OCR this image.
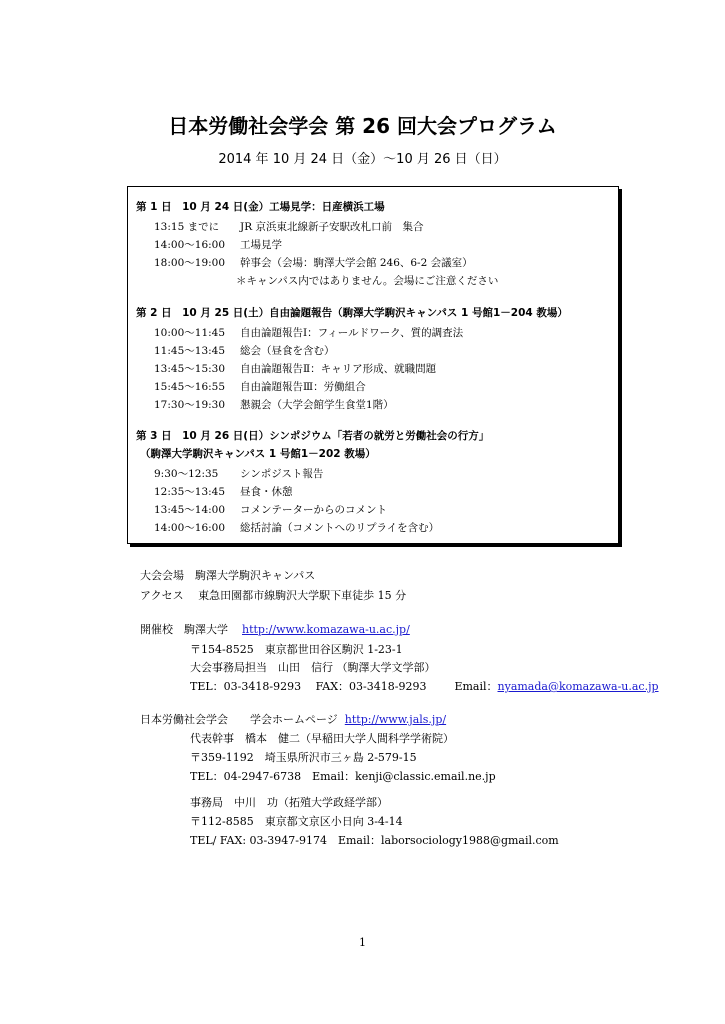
日本労働社会学会 第 26 回大会プログラム
2014 年 10 月 24 日（金）〜10 月 26 日（日）
第 1 日　10 月 24 日(金）工場見学：日産横浜工場
13:15 までに JR 京浜東北線新子安駅改札口前　集合
14:00〜16:00 工場見学
18:00〜19:00 幹事会（会場：駒澤大学会館 246、6-2 会議室）
＊キャンパス内ではありません。会場にご注意ください
第 2 日　10 月 25 日(土）自由論題報告（駒澤大学駒沢キャンパス 1 号館1－204 教場）
10:00〜11:45 自由論題報告Ⅰ：フィールドワーク、質的調査法
11:45〜13:45 総会（昼食を含む）
13:45〜15:30 自由論題報告Ⅱ：キャリア形成、就職問題
15:45〜16:55 自由論題報告Ⅲ：労働組合
17:30〜19:30 懇親会（大学会館学生食堂1階）
第 3 日　10 月 26 日(日）シンポジウム「若者の就労と労働社会の行方」
（駒澤大学駒沢キャンパス 1 号館1－202 教場）
9:30〜12:35 シンポジスト報告
12:35〜13:45 昼食・休憩
13:45〜14:00 コメンテーターからのコメント
14:00〜16:00 総括討論（コメントへのリプライを含む）
大会会場　駒澤大学駒沢キャンパス
アクセス　 東急田園都市線駒沢大学駅下車徒歩 15 分
開催校　駒澤大学 http://www.komazawa-u.ac.jp/
〒154-8525　東京都世田谷区駒沢 1-23-1
大会事務局担当　山田　信行 （駒澤大学文学部）
TEL：03-3418-9293　 FAX：03-3418-9293	Email：nyamada@komazawa-u.ac.jp
日本労働社会学会　　学会ホームページ http://www.jals.jp/
代表幹事　橋本　健二（早稲田大学人間科学学術院）
〒359-1192　埼玉県所沢市三ヶ島 2-579-15
TEL：04-2947-6738　Email：kenji@classic.email.ne.jp
事務局　中川　功（拓殖大学政経学部）
〒112-8585　東京都文京区小日向 3-4-14
TEL/ FAX: 03-3947-9174　Email：laborsociology1988@gmail.com
1
